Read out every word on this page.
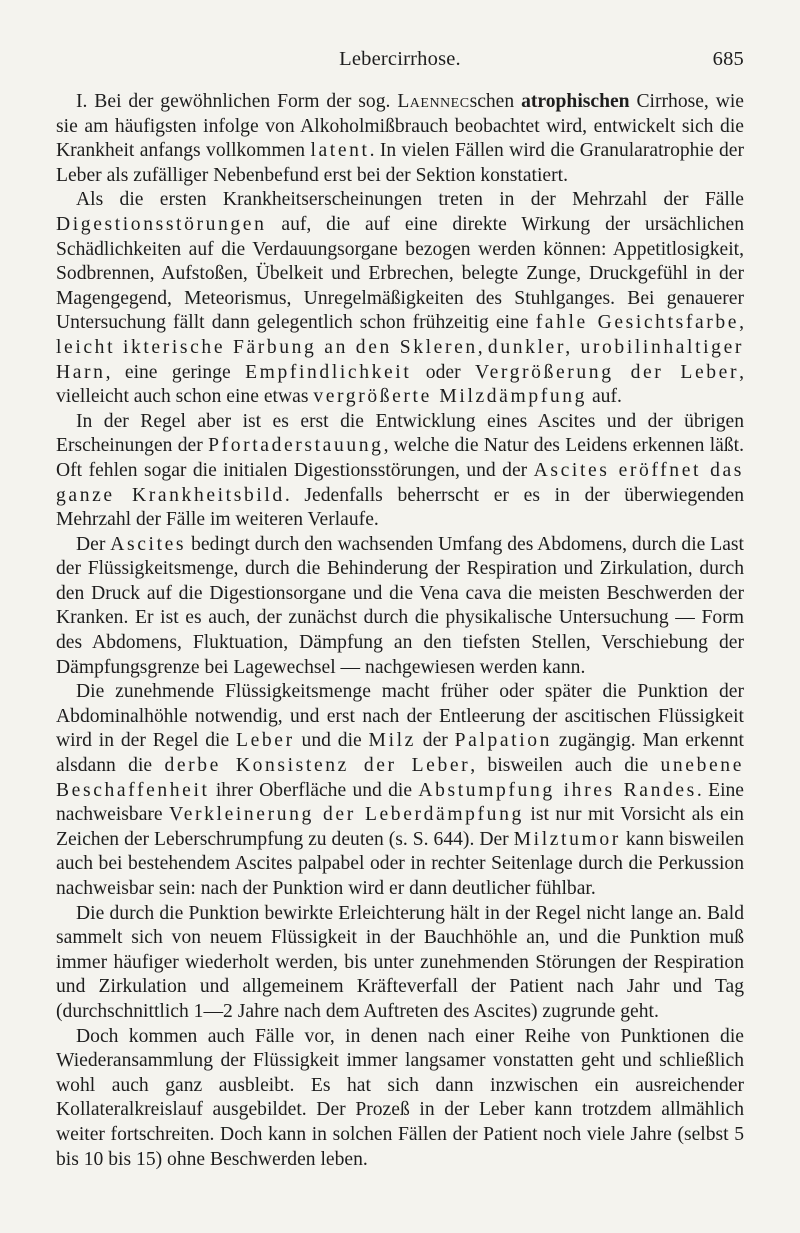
Lebercirrhose.	685

I. Bei der gewöhnlichen Form der sog. Laennecschen atrophischen Cirrhose, wie sie am häufigsten infolge von Alkoholmißbrauch beobachtet wird, entwickelt sich die Krankheit anfangs vollkommen latent. In vielen Fällen wird die Granularatrophie der Leber als zufälliger Nebenbefund erst bei der Sektion konstatiert.

Als die ersten Krankheitserscheinungen treten in der Mehrzahl der Fälle Digestionsstörungen auf, die auf eine direkte Wirkung der ursächlichen Schädlichkeiten auf die Verdauungsorgane bezogen werden können: Appetitlosigkeit, Sodbrennen, Aufstoßen, Übelkeit und Erbrechen, belegte Zunge, Druckgefühl in der Magengegend, Meteorismus, Unregelmäßigkeiten des Stuhlganges. Bei genauerer Untersuchung fällt dann gelegentlich schon frühzeitig eine fahle Gesichtsfarbe, leicht ikterische Färbung an den Skleren, dunkler, urobilinhaltiger Harn, eine geringe Empfindlichkeit oder Vergrößerung der Leber, vielleicht auch schon eine etwas vergrößerte Milzdämpfung auf.

In der Regel aber ist es erst die Entwicklung eines Ascites und der übrigen Erscheinungen der Pfortaderstauung, welche die Natur des Leidens erkennen läßt. Oft fehlen sogar die initialen Digestionsstörungen, und der Ascites eröffnet das ganze Krankheitsbild. Jedenfalls beherrscht er es in der überwiegenden Mehrzahl der Fälle im weiteren Verlaufe.

Der Ascites bedingt durch den wachsenden Umfang des Abdomens, durch die Last der Flüssigkeitsmenge, durch die Behinderung der Respiration und Zirkulation, durch den Druck auf die Digestionsorgane und die Vena cava die meisten Beschwerden der Kranken. Er ist es auch, der zunächst durch die physikalische Untersuchung — Form des Abdomens, Fluktuation, Dämpfung an den tiefsten Stellen, Verschiebung der Dämpfungsgrenze bei Lagewechsel — nachgewiesen werden kann.

Die zunehmende Flüssigkeitsmenge macht früher oder später die Punktion der Abdominalhöhle notwendig, und erst nach der Entleerung der ascitischen Flüssigkeit wird in der Regel die Leber und die Milz der Palpation zugängig. Man erkennt alsdann die derbe Konsistenz der Leber, bisweilen auch die unebene Beschaffenheit ihrer Oberfläche und die Abstumpfung ihres Randes. Eine nachweisbare Verkleinerung der Leberdämpfung ist nur mit Vorsicht als ein Zeichen der Leberschrumpfung zu deuten (s. S. 644). Der Milztumor kann bisweilen auch bei bestehendem Ascites palpabel oder in rechter Seitenlage durch die Perkussion nachweisbar sein: nach der Punktion wird er dann deutlicher fühlbar.

Die durch die Punktion bewirkte Erleichterung hält in der Regel nicht lange an. Bald sammelt sich von neuem Flüssigkeit in der Bauchhöhle an, und die Punktion muß immer häufiger wiederholt werden, bis unter zunehmenden Störungen der Respiration und Zirkulation und allgemeinem Kräfteverfall der Patient nach Jahr und Tag (durchschnittlich 1—2 Jahre nach dem Auftreten des Ascites) zugrunde geht.

Doch kommen auch Fälle vor, in denen nach einer Reihe von Punktionen die Wiederansammlung der Flüssigkeit immer langsamer vonstatten geht und schließlich wohl auch ganz ausbleibt. Es hat sich dann inzwischen ein ausreichender Kollateralkreislauf ausgebildet. Der Prozeß in der Leber kann trotzdem allmählich weiter fortschreiten. Doch kann in solchen Fällen der Patient noch viele Jahre (selbst 5 bis 10 bis 15) ohne Beschwerden leben.
